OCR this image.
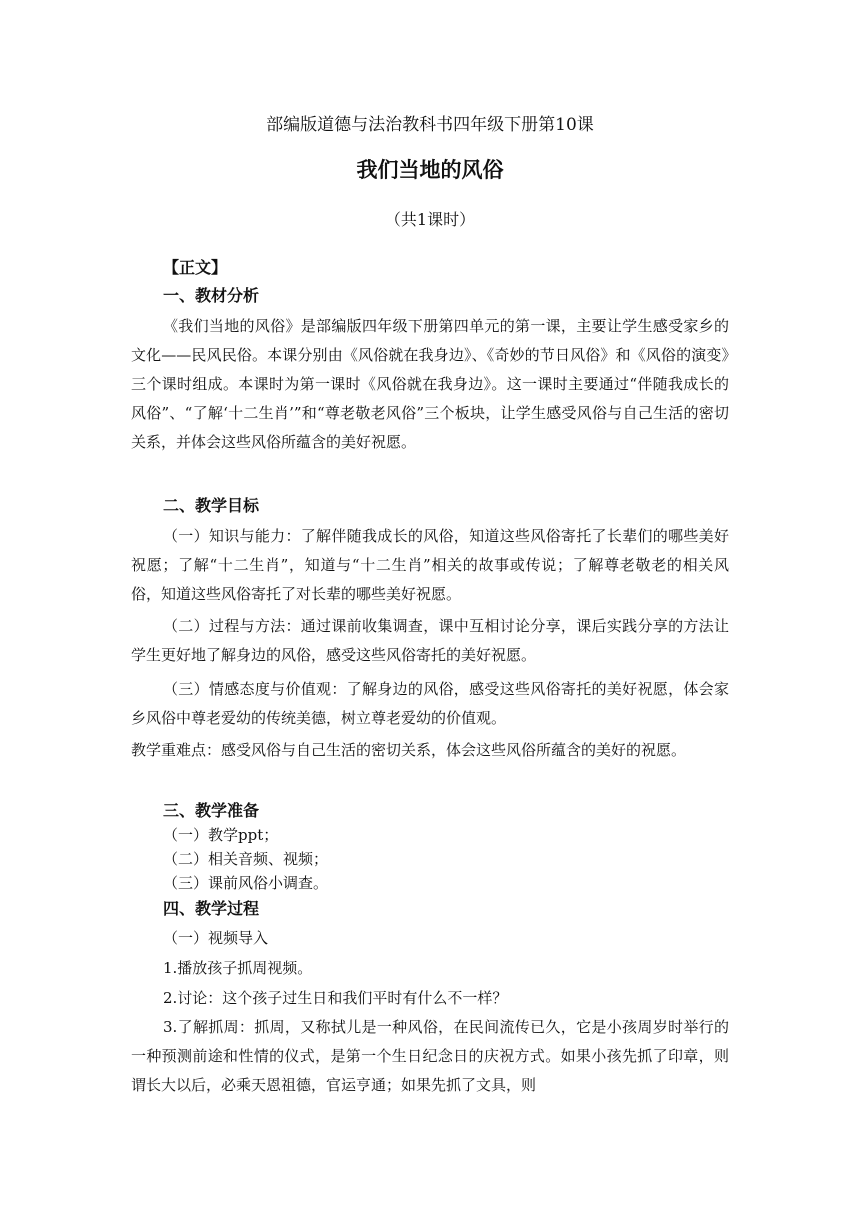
部编版道德与法治教科书四年级下册第10课
我们当地的风俗
（共1课时）
【正文】
一、教材分析
《我们当地的风俗》是部编版四年级下册第四单元的第一课，主要让学生感受家乡的文化——民风民俗。本课分别由《风俗就在我身边》、《奇妙的节日风俗》和《风俗的演变》三个课时组成。本课时为第一课时《风俗就在我身边》。这一课时主要通过“伴随我成长的风俗”、“了解‘十二生肖’”和“尊老敬老风俗”三个板块，让学生感受风俗与自己生活的密切关系，并体会这些风俗所蕴含的美好祝愿。
二、教学目标
（一）知识与能力：了解伴随我成长的风俗，知道这些风俗寄托了长辈们的哪些美好祝愿；了解“十二生肖”，知道与“十二生肖”相关的故事或传说；了解尊老敬老的相关风俗，知道这些风俗寄托了对长辈的哪些美好祝愿。
（二）过程与方法：通过课前收集调查，课中互相讨论分享，课后实践分享的方法让学生更好地了解身边的风俗，感受这些风俗寄托的美好祝愿。
（三）情感态度与价值观：了解身边的风俗，感受这些风俗寄托的美好祝愿，体会家乡风俗中尊老爱幼的传统美德，树立尊老爱幼的价值观。
教学重难点：感受风俗与自己生活的密切关系，体会这些风俗所蕴含的美好的祝愿。
三、教学准备
（一）教学ppt；
（二）相关音频、视频；
（三）课前风俗小调查。
四、教学过程
（一）视频导入
1.播放孩子抓周视频。
2.讨论：这个孩子过生日和我们平时有什么不一样？
3.了解抓周：抓周，又称拭儿是一种风俗，在民间流传已久，它是小孩周岁时举行的一种预测前途和性情的仪式，是第一个生日纪念日的庆祝方式。如果小孩先抓了印章，则谓长大以后，必乘天恩祖德，官运亨通；如果先抓了文具，则
